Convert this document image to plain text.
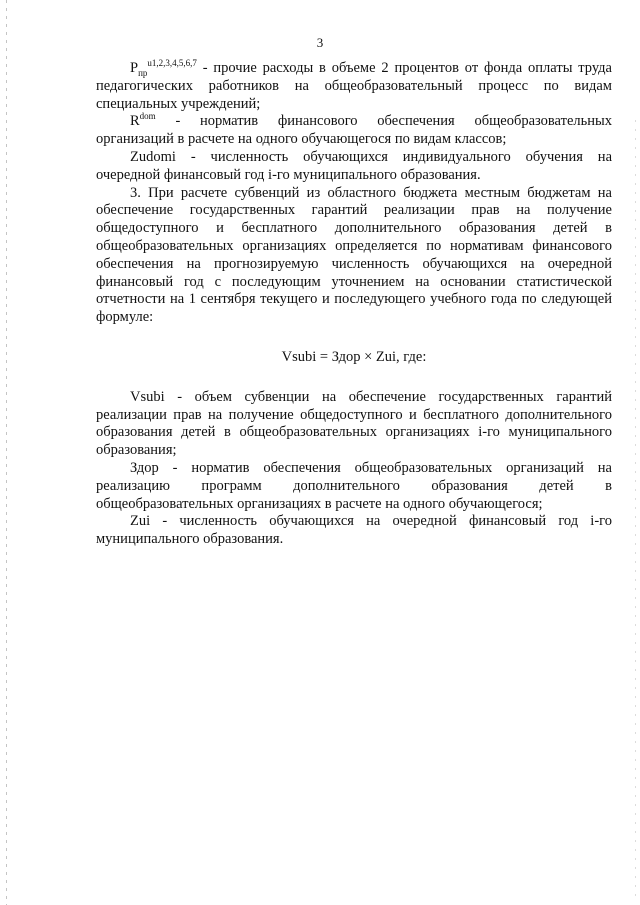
3

$P_{пр}^{u1,2,3,4,5,6,7}$ - прочие расходы в объеме 2 процентов от фонда оплаты труда педагогических работников на общеобразовательный процесс по видам специальных учреждений;

$R^{dom}$ - норматив финансового обеспечения общеобразовательных организаций в расчете на одного обучающегося по видам классов;

Zudomi - численность обучающихся индивидуального обучения на очередной финансовый год i-го муниципального образования.

3. При расчете субвенций из областного бюджета местным бюджетам на обеспечение государственных гарантий реализации прав на получение общедоступного и бесплатного дополнительного образования детей в общеобразовательных организациях определяется по нормативам финансового обеспечения на прогнозируемую численность обучающихся на очередной финансовый год с последующим уточнением на основании статистической отчетности на 1 сентября текущего и последующего учебного года по следующей формуле:

Vsubi = Здоp × Zui, где:

Vsubi - объем субвенции на обеспечение государственных гарантий реализации прав на получение общедоступного и бесплатного дополнительного образования детей в общеобразовательных организациях i-го муниципального образования;

Здоp - норматив обеспечения общеобразовательных организаций на реализацию программ дополнительного образования детей в общеобразовательных организациях в расчете на одного обучающегося;

Zui - численность обучающихся на очередной финансовый год i-го муниципального образования.
